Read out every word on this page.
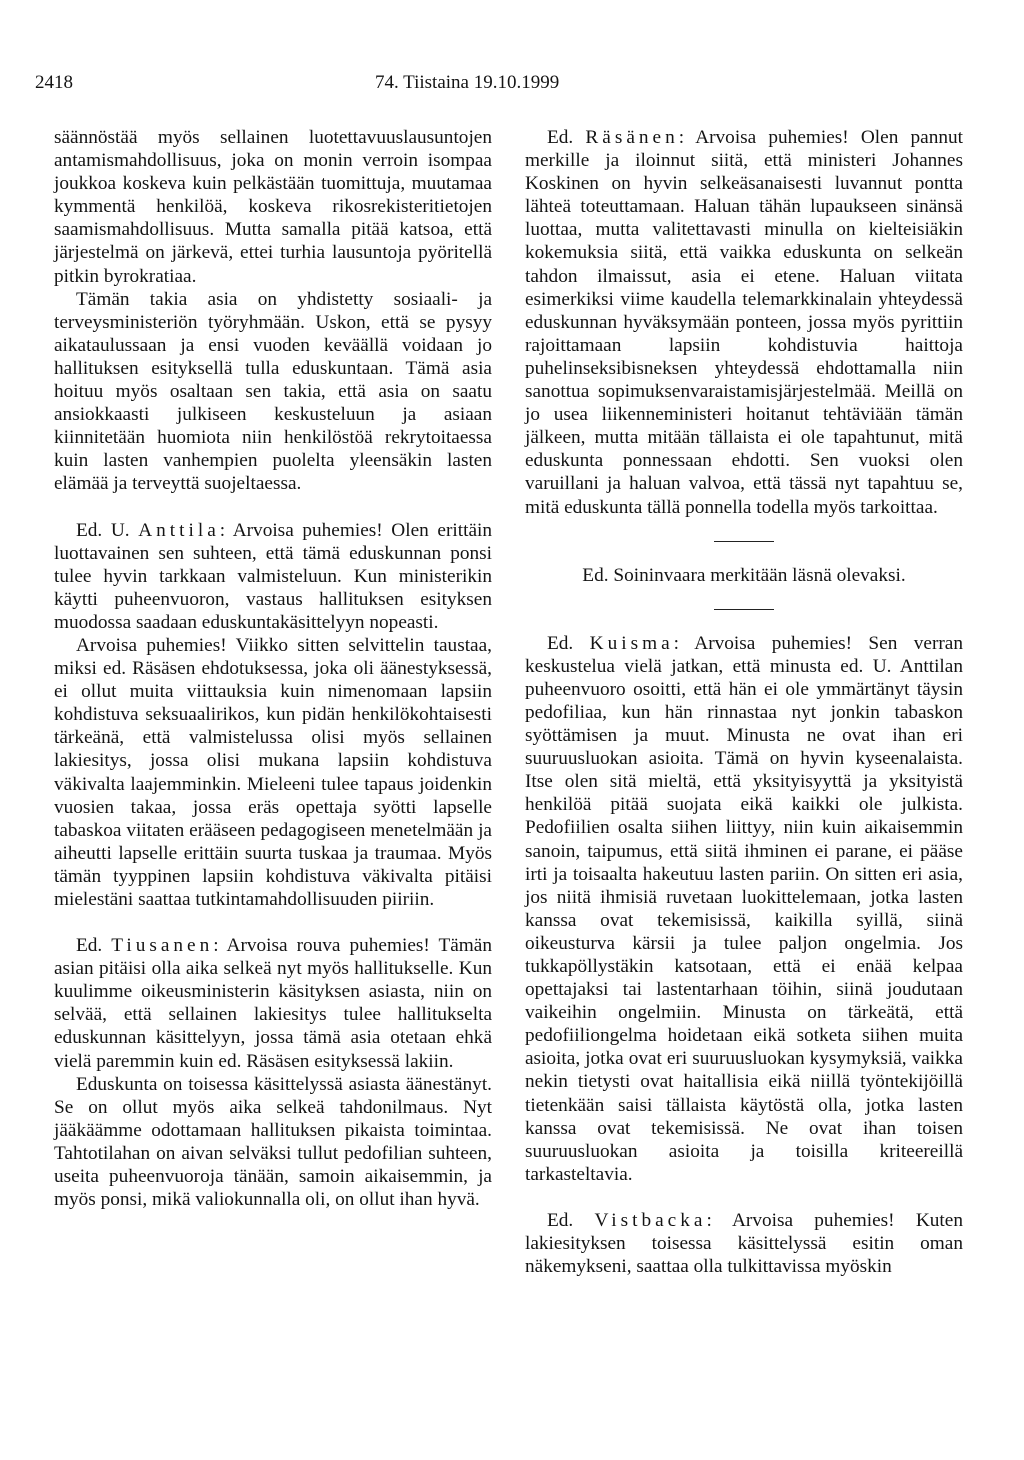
2418	74. Tiistaina 19.10.1999

säännöstää myös sellainen luotettavuuslausuntojen antamismahdollisuus, joka on monin verroin isompaa joukkoa koskeva kuin pelkästään tuomittuja, muutamaa kymmentä henkilöä, koskeva rikosrekisteritietojen saamismahdollisuus. Mutta samalla pitää katsoa, että järjestelmä on järkevä, ettei turhia lausuntoja pyöritellä pitkin byrokratiaa.

Tämän takia asia on yhdistetty sosiaali- ja terveysministeriön työryhmään. Uskon, että se pysyy aikataulussaan ja ensi vuoden keväällä voidaan jo hallituksen esityksellä tulla eduskuntaan. Tämä asia hoituu myös osaltaan sen takia, että asia on saatu ansiokkaasti julkiseen keskusteluun ja asiaan kiinnitetään huomiota niin henkilöstöä rekrytoitaessa kuin lasten vanhempien puolelta yleensäkin lasten elämää ja terveyttä suojeltaessa.

Ed. U. Anttila: Arvoisa puhemies! Olen erittäin luottavainen sen suhteen, että tämä eduskunnan ponsi tulee hyvin tarkkaan valmisteluun. Kun ministerikin käytti puheenvuoron, vastaus hallituksen esityksen muodossa saadaan eduskuntakäsittelyyn nopeasti.

Arvoisa puhemies! Viikko sitten selvittelin taustaa, miksi ed. Räsäsen ehdotuksessa, joka oli äänestyksessä, ei ollut muita viittauksia kuin nimenomaan lapsiin kohdistuva seksuaalirikos, kun pidän henkilökohtaisesti tärkeänä, että valmistelussa olisi myös sellainen lakiesitys, jossa olisi mukana lapsiin kohdistuva väkivalta laajemminkin. Mieleeni tulee tapaus joidenkin vuosien takaa, jossa eräs opettaja syötti lapselle tabaskoa viitaten erääseen pedagogiseen menetelmään ja aiheutti lapselle erittäin suurta tuskaa ja traumaa. Myös tämän tyyppinen lapsiin kohdistuva väkivalta pitäisi mielestäni saattaa tutkintamahdollisuuden piiriin.

Ed. Tiusanen: Arvoisa rouva puhemies! Tämän asian pitäisi olla aika selkeä nyt myös hallitukselle. Kun kuulimme oikeusministerin käsityksen asiasta, niin on selvää, että sellainen lakiesitys tulee hallitukselta eduskunnan käsittelyyn, jossa tämä asia otetaan ehkä vielä paremmin kuin ed. Räsäsen esityksessä lakiin.

Eduskunta on toisessa käsittelyssä asiasta äänestänyt. Se on ollut myös aika selkeä tahdonilmaus. Nyt jääkäämme odottamaan hallituksen pikaista toimintaa. Tahtotilahan on aivan selväksi tullut pedofilian suhteen, useita puheenvuoroja tänään, samoin aikaisemmin, ja myös ponsi, mikä valiokunnalla oli, on ollut ihan hyvä.

Ed. Räsänen: Arvoisa puhemies! Olen pannut merkille ja iloinnut siitä, että ministeri Johannes Koskinen on hyvin selkeäsanaisesti luvannut pontta lähteä toteuttamaan. Haluan tähän lupaukseen sinänsä luottaa, mutta valitettavasti minulla on kielteisiäkin kokemuksia siitä, että vaikka eduskunta on selkeän tahdon ilmaissut, asia ei etene. Haluan viitata esimerkiksi viime kaudella telemarkkinalain yhteydessä eduskunnan hyväksymään ponteen, jossa myös pyrittiin rajoittamaan lapsiin kohdistuvia haittoja puhelinseksibisneksen yhteydessä ehdottamalla niin sanottua sopimuksenvaraistamisjärjestelmää. Meillä on jo usea liikenneministeri hoitanut tehtäviään tämän jälkeen, mutta mitään tällaista ei ole tapahtunut, mitä eduskunta ponnessaan ehdotti. Sen vuoksi olen varuillani ja haluan valvoa, että tässä nyt tapahtuu se, mitä eduskunta tällä ponnella todella myös tarkoittaa.

Ed. Soininvaara merkitään läsnä olevaksi.

Ed. Kuisma: Arvoisa puhemies! Sen verran keskustelua vielä jatkan, että minusta ed. U. Anttilan puheenvuoro osoitti, että hän ei ole ymmärtänyt täysin pedofiliaa, kun hän rinnastaa nyt jonkin tabaskon syöttämisen ja muut. Minusta ne ovat ihan eri suuruusluokan asioita. Tämä on hyvin kyseenalaista. Itse olen sitä mieltä, että yksityisyyttä ja yksityistä henkilöä pitää suojata eikä kaikki ole julkista. Pedofiilien osalta siihen liittyy, niin kuin aikaisemmin sanoin, taipumus, että siitä ihminen ei parane, ei pääse irti ja toisaalta hakeutuu lasten pariin. On sitten eri asia, jos niitä ihmisiä ruvetaan luokittelemaan, jotka lasten kanssa ovat tekemisissä, kaikilla syillä, siinä oikeusturva kärsii ja tulee paljon ongelmia. Jos tukkapöllystäkin katsotaan, että ei enää kelpaa opettajaksi tai lastentarhaan töihin, siinä joudutaan vaikeihin ongelmiin. Minusta on tärkeätä, että pedofiiliongelma hoidetaan eikä sotketa siihen muita asioita, jotka ovat eri suuruusluokan kysymyksiä, vaikka nekin tietysti ovat haitallisia eikä niillä työntekijöillä tietenkään saisi tällaista käytöstä olla, jotka lasten kanssa ovat tekemisissä. Ne ovat ihan toisen suuruusluokan asioita ja toisilla kriteereillä tarkasteltavia.

Ed. Vistbacka: Arvoisa puhemies! Kuten lakiesityksen toisessa käsittelyssä esitin oman näkemykseni, saattaa olla tulkittavissa myöskin
